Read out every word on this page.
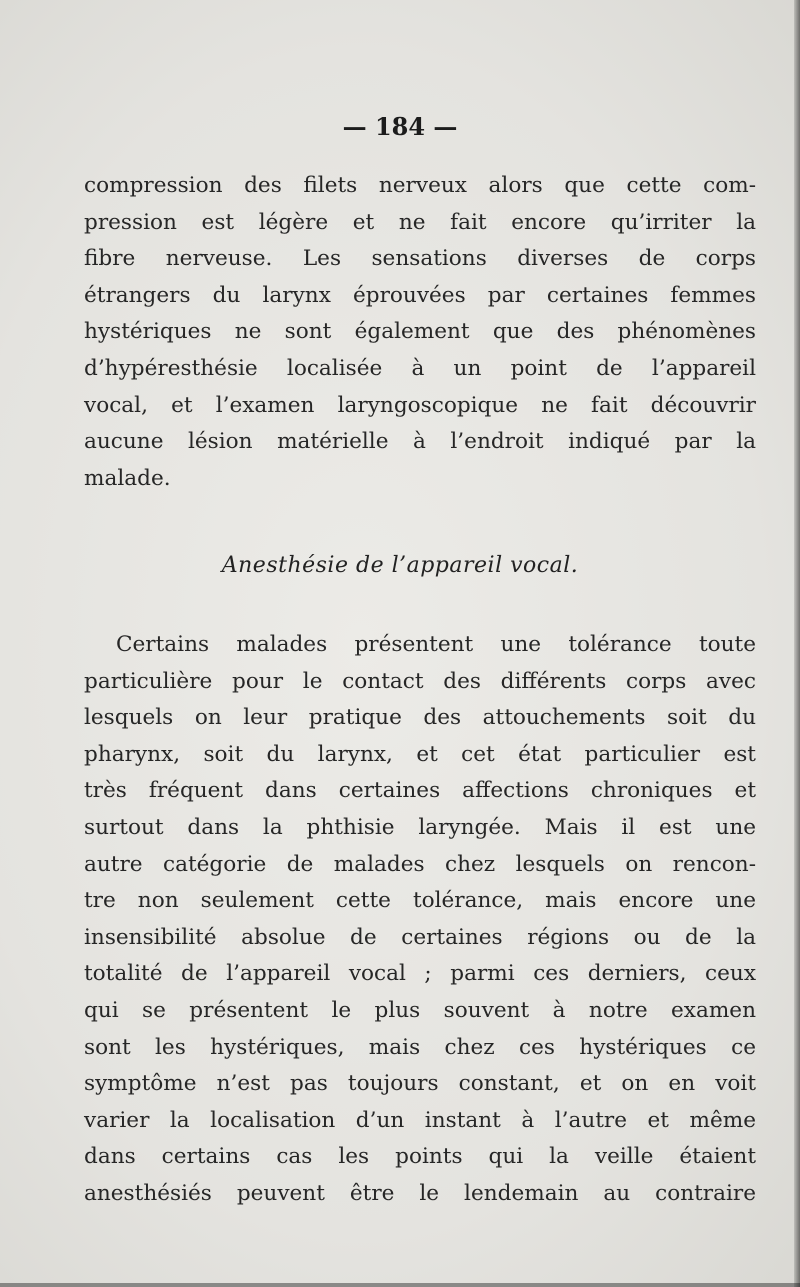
— 184 —
compression des filets nerveux alors que cette com-
pression est légère et ne fait encore qu’irriter la
fibre nerveuse. Les sensations diverses de corps
étrangers du larynx éprouvées par certaines femmes
hystériques ne sont également que des phénomènes
d’hypéresthésie localisée à un point de l’appareil
vocal, et l’examen laryngoscopique ne fait découvrir
aucune lésion matérielle à l’endroit indiqué par la
malade.
Anesthésie de l’appareil vocal.
Certains malades présentent une tolérance toute
particulière pour le contact des différents corps avec
lesquels on leur pratique des attouchements soit du
pharynx, soit du larynx, et cet état particulier est
très fréquent dans certaines affections chroniques et
surtout dans la phthisie laryngée. Mais il est une
autre catégorie de malades chez lesquels on rencon-
tre non seulement cette tolérance, mais encore une
insensibilité absolue de certaines régions ou de la
totalité de l’appareil vocal ; parmi ces derniers, ceux
qui se présentent le plus souvent à notre examen
sont les hystériques, mais chez ces hystériques ce
symptôme n’est pas toujours constant, et on en voit
varier la localisation d’un instant à l’autre et même
dans certains cas les points qui la veille étaient
anesthésiés peuvent être le lendemain au contraire
